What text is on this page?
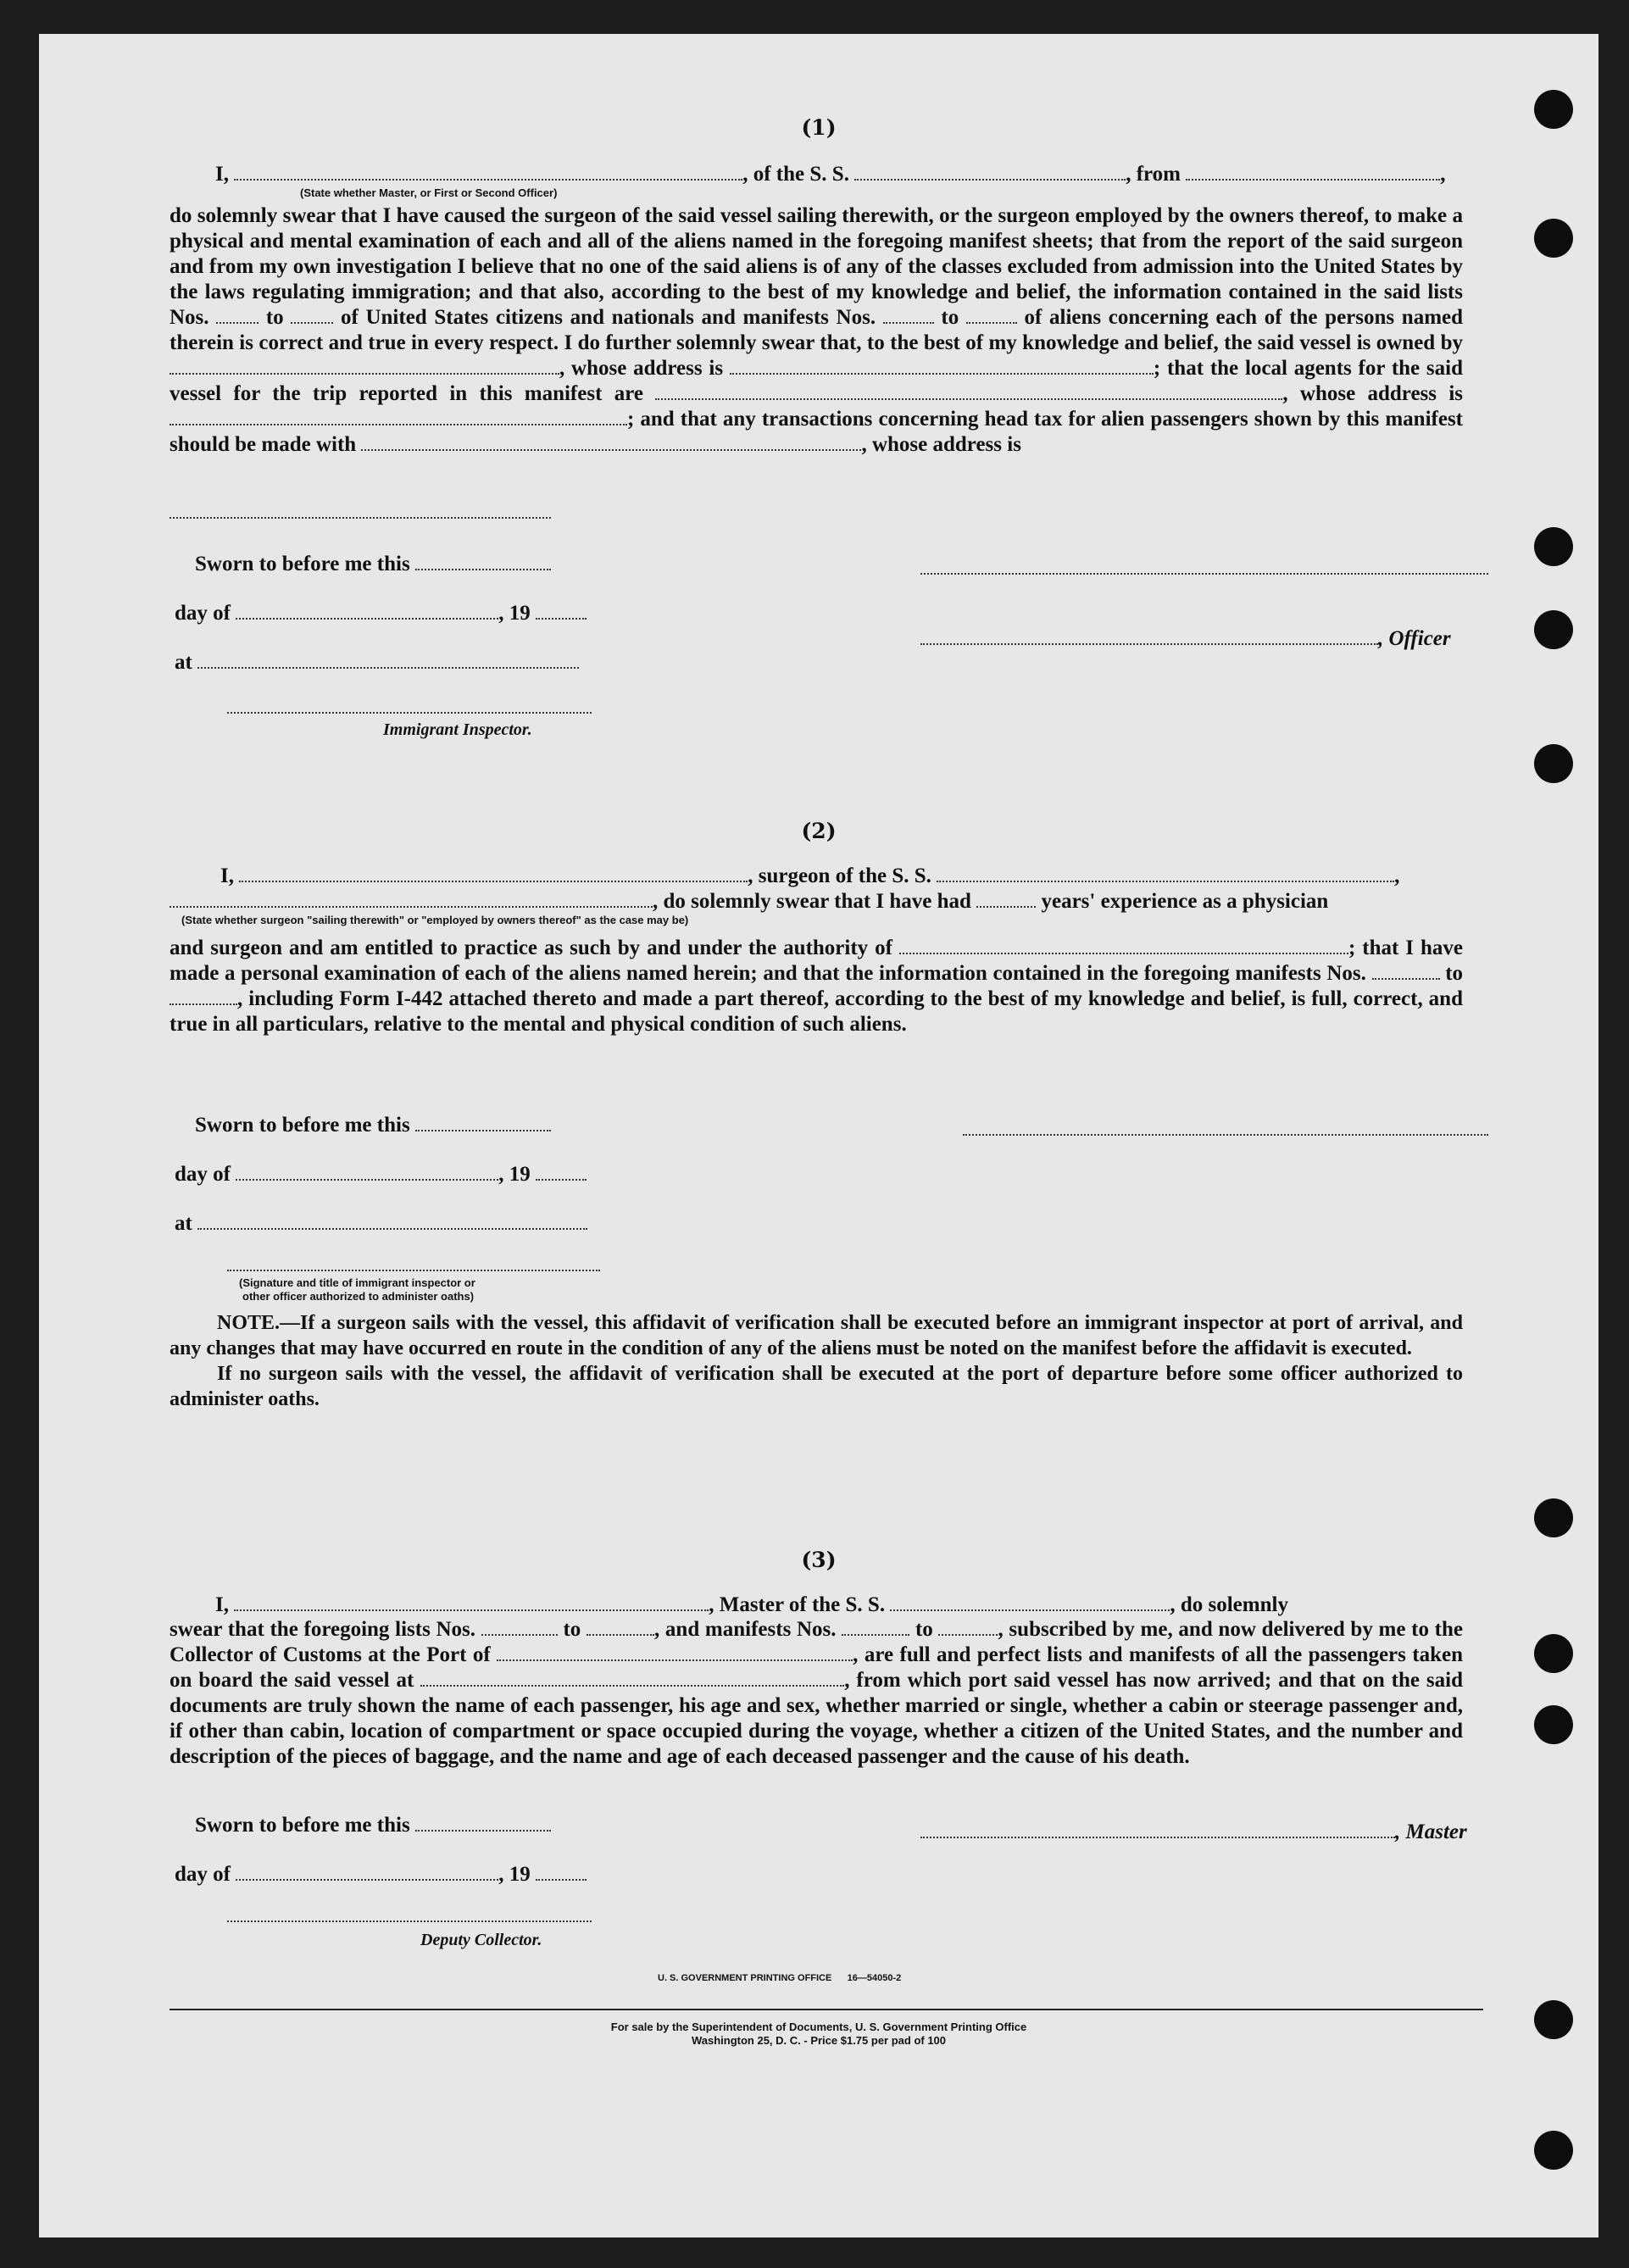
(1)
I,	, of the S. S.	, from	,
(State whether Master, or First or Second Officer)

do solemnly swear that I have caused the surgeon of the said vessel sailing therewith, or the surgeon employed by the owners thereof, to make a physical and mental examination of each and all of the aliens named in the foregoing manifest sheets; that from the report of the said surgeon and from my own investigation I believe that no one of the said aliens is of any of the classes excluded from admission into the United States by the laws regulating immigration; and that also, according to the best of my knowledge and belief, the information contained in the said lists Nos.	to	of United States citizens and nationals and manifests Nos.	to	of aliens concerning each of the persons named therein is correct and true in every respect. I do further solemnly swear that, to the best of my knowledge and belief, the said vessel is owned by , whose address is	; that the local agents for the said vessel for the trip reported in this manifest are	, whose address is ; and that any transactions concerning head tax for alien passengers shown by this manifest should be made with	, whose address is

Sworn to before me this
day of	, 19
, Officer
at
Immigrant Inspector.
(2)
I,	, surgeon of the S. S.	,
, do solemnly swear that I have had	years' experience as a physician
(State whether surgeon "sailing therewith" or "employed by owners thereof" as the case may be)

and surgeon and am entitled to practice as such by and under the authority of	; that I have made a personal examination of each of the aliens named herein; and that the information contained in the foregoing manifests Nos.	to , including Form I-442 attached thereto and made a part thereof, according to the best of my knowledge and belief, is full, correct, and true in all particulars, relative to the mental and physical condition of such aliens.

Sworn to before me this
day of	, 19
at
(Signature and title of immigrant inspector or
other officer authorized to administer oaths)

NOTE.—If a surgeon sails with the vessel, this affidavit of verification shall be executed before an immigrant inspector at port of arrival, and any changes that may have occurred en route in the condition of any of the aliens must be noted on the manifest before the affidavit is executed.

If no surgeon sails with the vessel, the affidavit of verification shall be executed at the port of departure before some officer authorized to administer oaths.

(3)
I,	, Master of the S. S.	, do solemnly

swear that the foregoing lists Nos.	to	, and manifests Nos.	to	, subscribed by me, and now delivered by me to the Collector of Customs at the Port of	, are full and perfect lists and manifests of all the passengers taken on board the said vessel at	, from which port said vessel has now arrived; and that on the said documents are truly shown the name of each passenger, his age and sex, whether married or single, whether a cabin or steerage passenger and, if other than cabin, location of compartment or space occupied during the voyage, whether a citizen of the United States, and the number and description of the pieces of baggage, and the name and age of each deceased passenger and the cause of his death.

Sworn to before me this	, Master
day of	, 19
Deputy Collector.
U. S. GOVERNMENT PRINTING OFFICE      16—54050-2
For sale by the Superintendent of Documents, U. S. Government Printing Office
Washington 25, D. C. - Price $1.75 per pad of 100
